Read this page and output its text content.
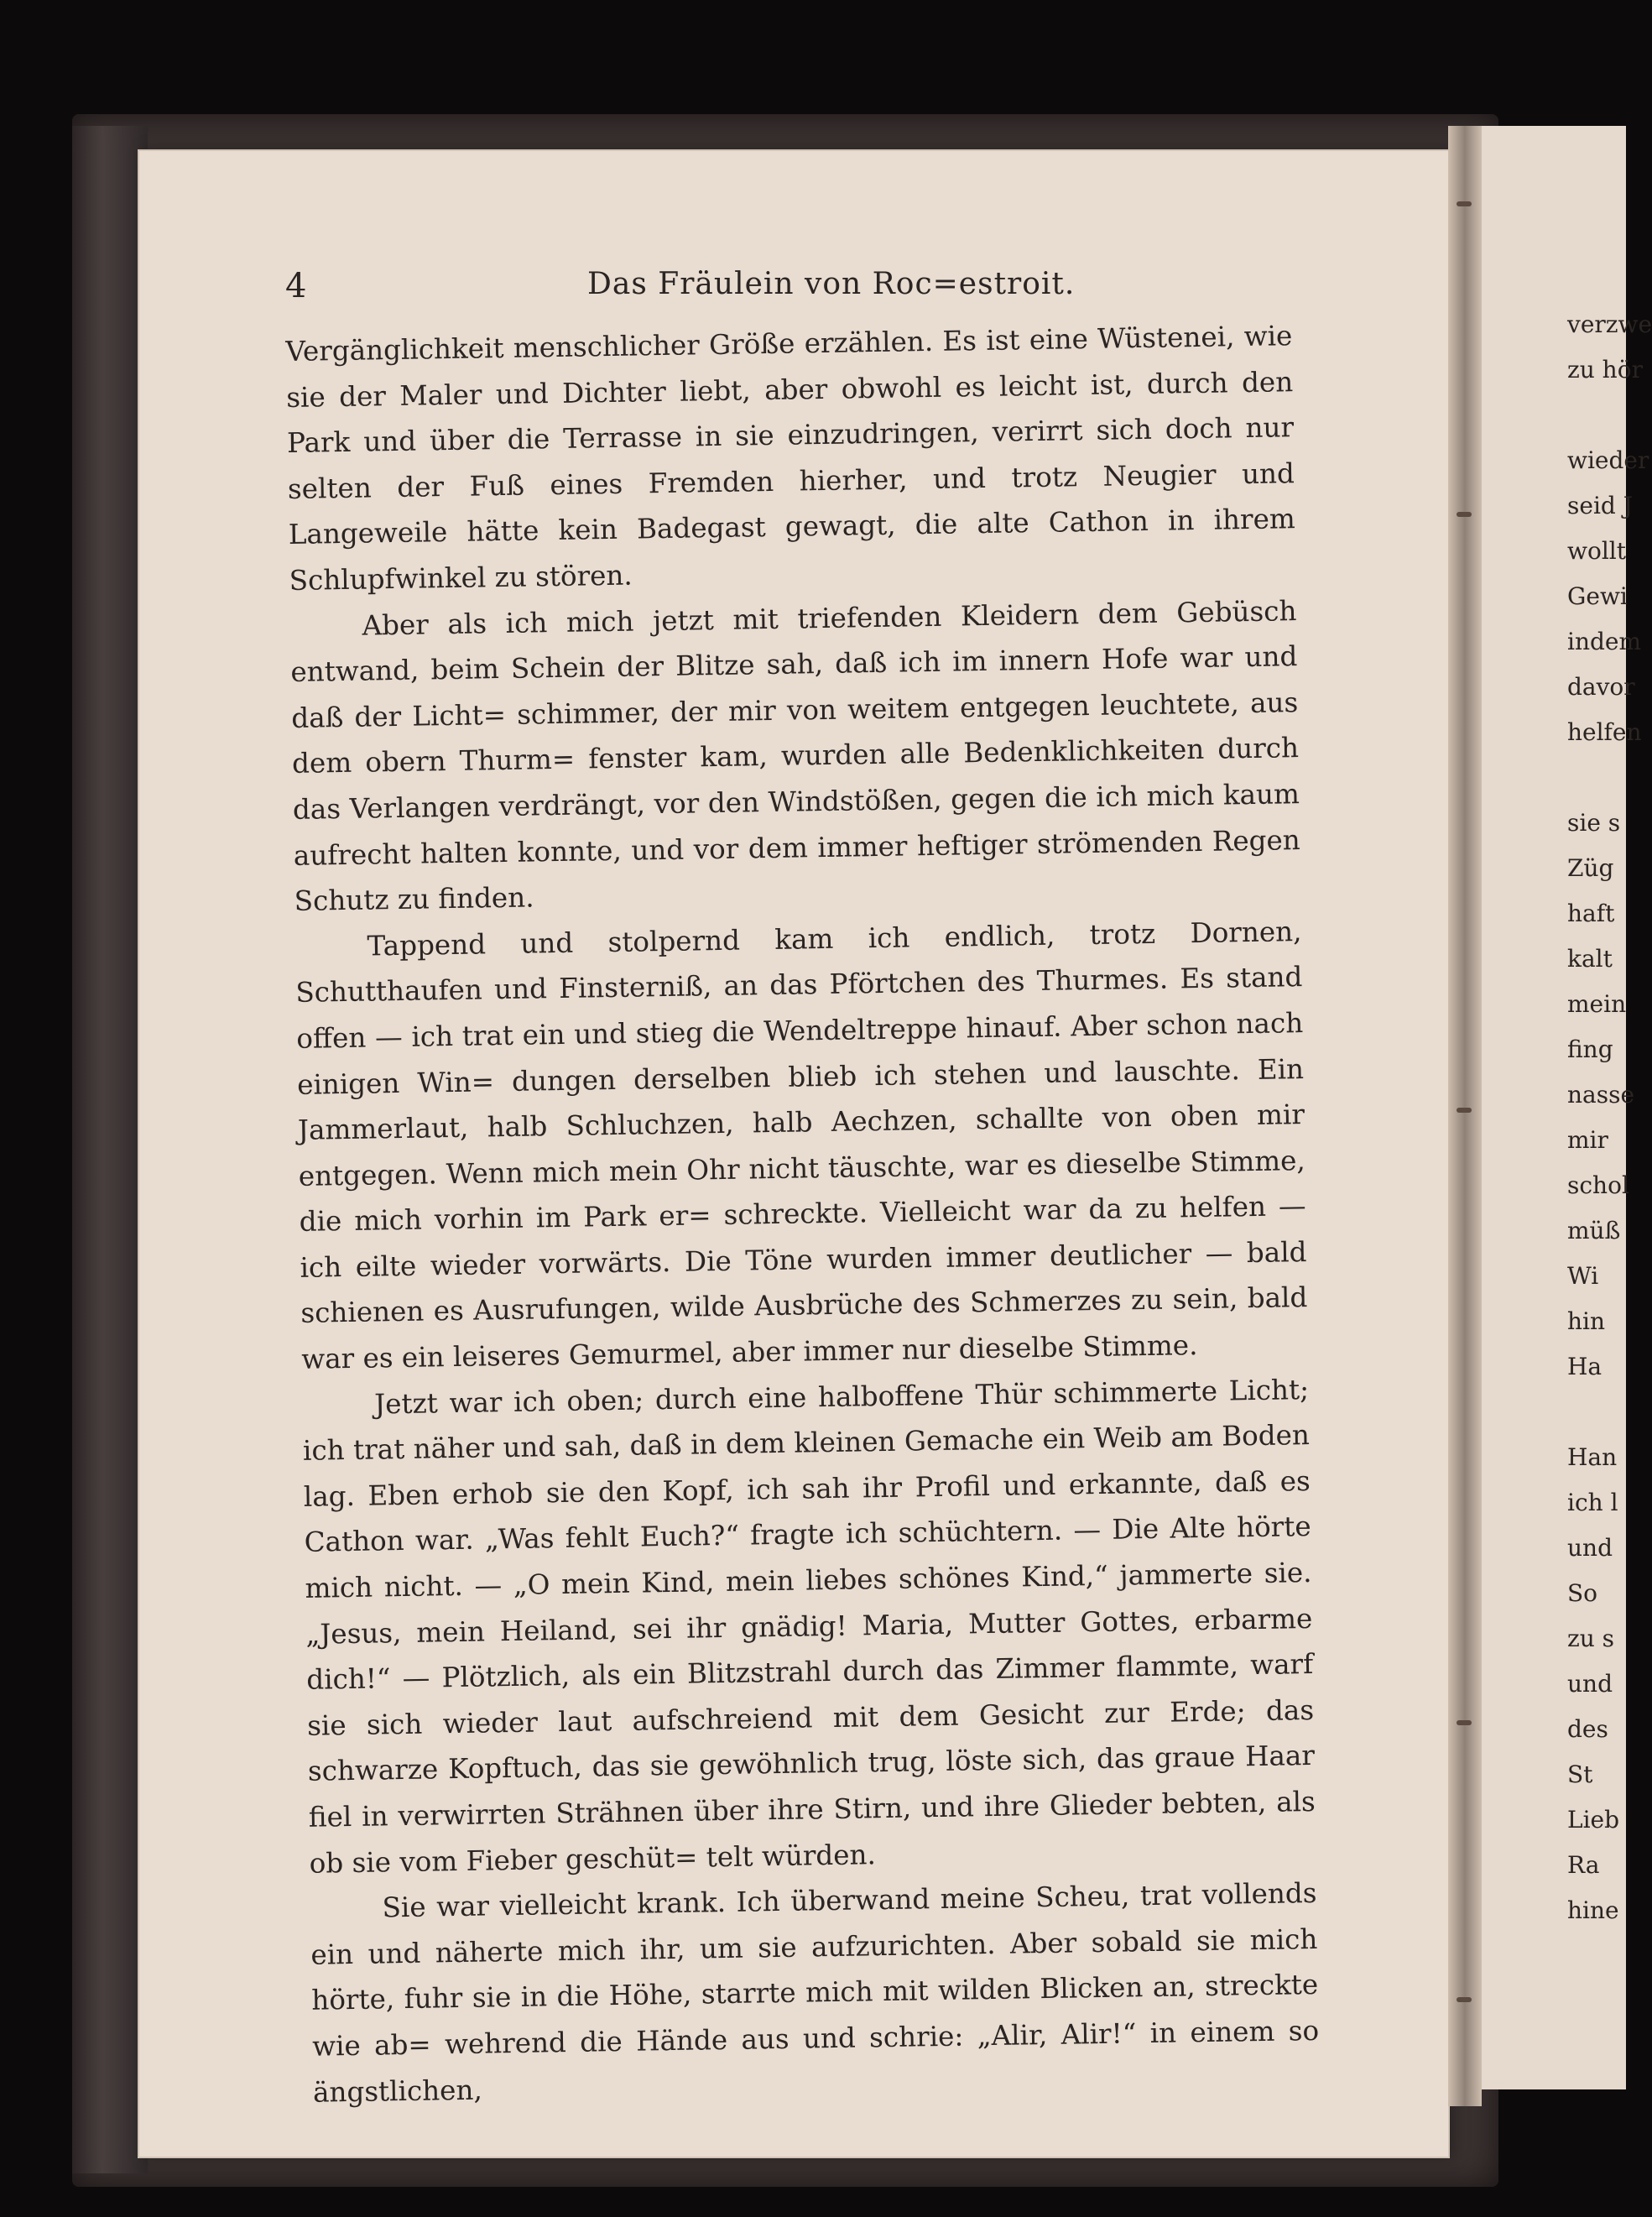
4	Das Fräulein von Roc=estroit.

Vergänglichkeit menschlicher Größe erzählen. Es ist eine Wüstenei, wie sie der Maler und Dichter liebt, aber obwohl es leicht ist, durch den Park und über die Terrasse in sie einzudringen, verirrt sich doch nur selten der Fuß eines Fremden hierher, und trotz Neugier und Langeweile hätte kein Badegast gewagt, die alte Cathon in ihrem Schlupfwinkel zu stören.

Aber als ich mich jetzt mit triefenden Kleidern dem Gebüsch entwand, beim Schein der Blitze sah, daß ich im innern Hofe war und daß der Licht= schimmer, der mir von weitem entgegen leuchtete, aus dem obern Thurm= fenster kam, wurden alle Bedenklichkeiten durch das Verlangen verdrängt, vor den Windstößen, gegen die ich mich kaum aufrecht halten konnte, und vor dem immer heftiger strömenden Regen Schutz zu finden.

Tappend und stolpernd kam ich endlich, trotz Dornen, Schutthaufen und Finsterniß, an das Pförtchen des Thurmes. Es stand offen — ich trat ein und stieg die Wendeltreppe hinauf. Aber schon nach einigen Win= dungen derselben blieb ich stehen und lauschte. Ein Jammerlaut, halb Schluchzen, halb Aechzen, schallte von oben mir entgegen. Wenn mich mein Ohr nicht täuschte, war es dieselbe Stimme, die mich vorhin im Park er= schreckte. Vielleicht war da zu helfen — ich eilte wieder vorwärts. Die Töne wurden immer deutlicher — bald schienen es Ausrufungen, wilde Ausbrüche des Schmerzes zu sein, bald war es ein leiseres Gemurmel, aber immer nur dieselbe Stimme.

Jetzt war ich oben; durch eine halboffene Thür schimmerte Licht; ich trat näher und sah, daß in dem kleinen Gemache ein Weib am Boden lag. Eben erhob sie den Kopf, ich sah ihr Profil und erkannte, daß es Cathon war. „Was fehlt Euch?“ fragte ich schüchtern. — Die Alte hörte mich nicht. — „O mein Kind, mein liebes schönes Kind,“ jammerte sie. „Jesus, mein Heiland, sei ihr gnädig! Maria, Mutter Gottes, erbarme dich!“ — Plötzlich, als ein Blitzstrahl durch das Zimmer flammte, warf sie sich wieder laut aufschreiend mit dem Gesicht zur Erde; das schwarze Kopftuch, das sie gewöhnlich trug, löste sich, das graue Haar fiel in verwirrten Strähnen über ihre Stirn, und ihre Glieder bebten, als ob sie vom Fieber geschüt= telt würden.

Sie war vielleicht krank. Ich überwand meine Scheu, trat vollends ein und näherte mich ihr, um sie aufzurichten. Aber sobald sie mich hörte, fuhr sie in die Höhe, starrte mich mit wilden Blicken an, streckte wie ab= wehrend die Hände aus und schrie: „Alir, Alir!“ in einem so ängstlichen,

verzwe
zu hör
wieder
seid J
wollt
Gewi
indem
davor
helfen
sie s
Züg
haft
kalt
mein
fing
nasse
mir
schol
müß
Wi
hin
Ha
Han
ich l
und
So
zu s
und
des
St
Lieb
Ra
hine
